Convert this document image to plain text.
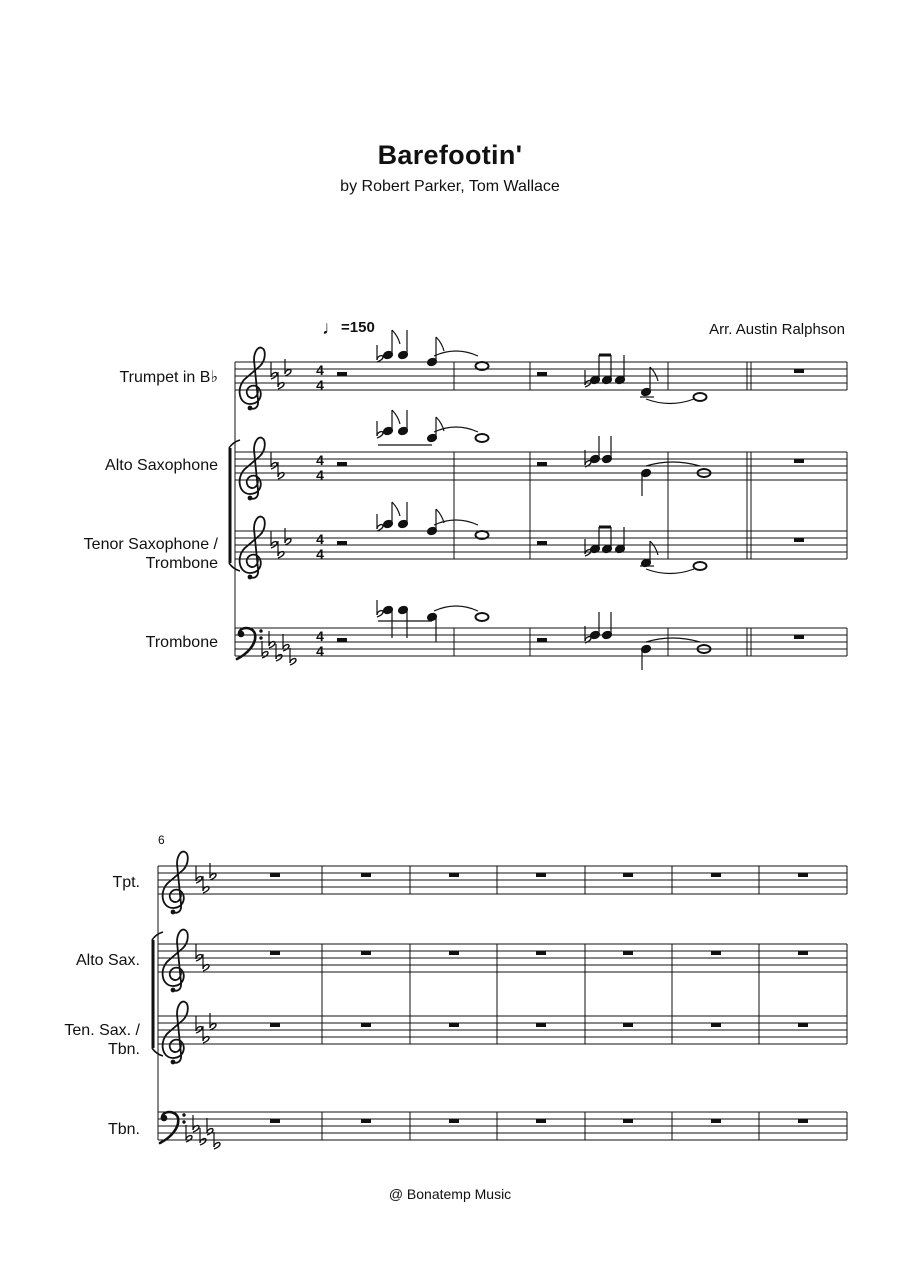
Barefootin'
by Robert Parker, Tom Wallace
♩=150	Arr. Austin Ralphson
Trumpet in B♭
Alto Saxophone
Tenor Saxophone /
Trombone
Trombone
6
Tpt.
Alto Sax.
Ten. Sax. /
Tbn.
Tbn.
@ Bonatemp Music
4
4
4
4
4
4
4
4
